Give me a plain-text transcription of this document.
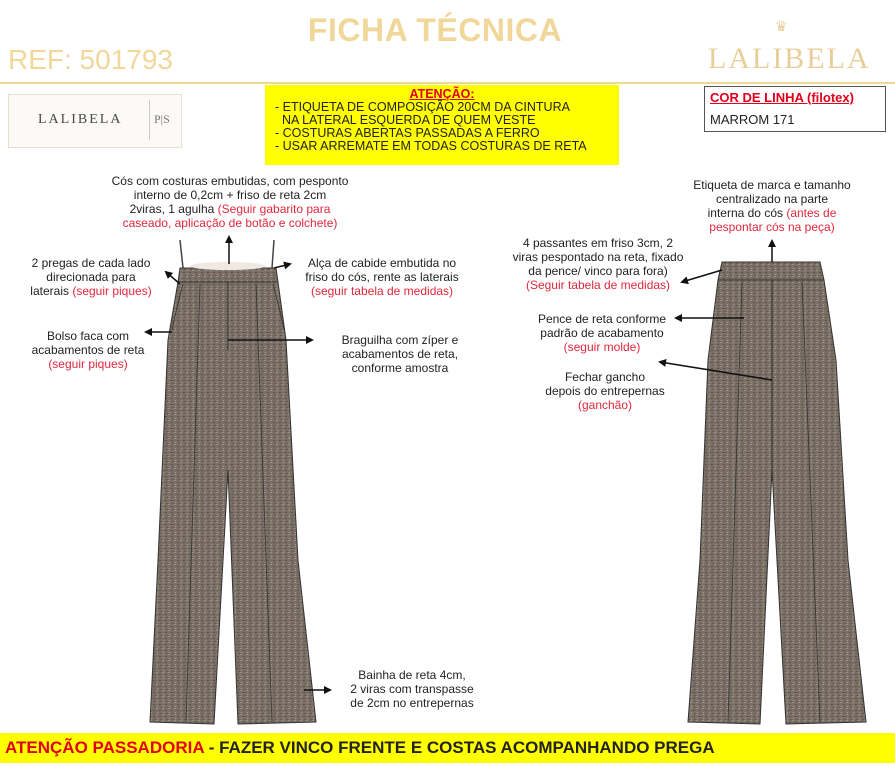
FICHA TÉCNICA
REF: 501793
♛
LALIBELA
LALIBELA	P|S
ATENÇÃO:
- ETIQUETA DE COMPOSIÇÃO 20CM DA CINTURA
NA LATERAL ESQUERDA DE QUEM VESTE
- COSTURAS ABERTAS PASSADAS A FERRO
- USAR ARREMATE EM TODAS COSTURAS DE RETA
COR DE LINHA (filotex)
MARROM 171
Cós com costuras embutidas, com pesponto
interno de 0,2cm + friso de reta 2cm
2viras, 1 agulha (Seguir gabarito para
caseado, aplicação de botão e colchete)
2 pregas de cada lado
direcionada para
laterais (seguir piques)
Alça de cabide embutida no
friso do cós, rente as laterais
(seguir tabela de medidas)
Bolso faca com
acabamentos de reta
(seguir piques)
Braguilha com zíper e
acabamentos de reta,
conforme amostra
Bainha de reta 4cm,
2 viras com transpasse
de 2cm no entrepernas
Etiqueta de marca e tamanho
centralizado na parte
interna do cós (antes de
pespontar cós na peça)
4 passantes em friso 3cm, 2
viras pespontado na reta, fixado
da pence/ vinco para fora)
(Seguir tabela de medidas)
Pence de reta conforme
padrão de acabamento
(seguir molde)
Fechar gancho
depois do entrepernas
(ganchão)
ATENÇÃO PASSADORIA - FAZER VINCO FRENTE E COSTAS ACOMPANHANDO PREGA
